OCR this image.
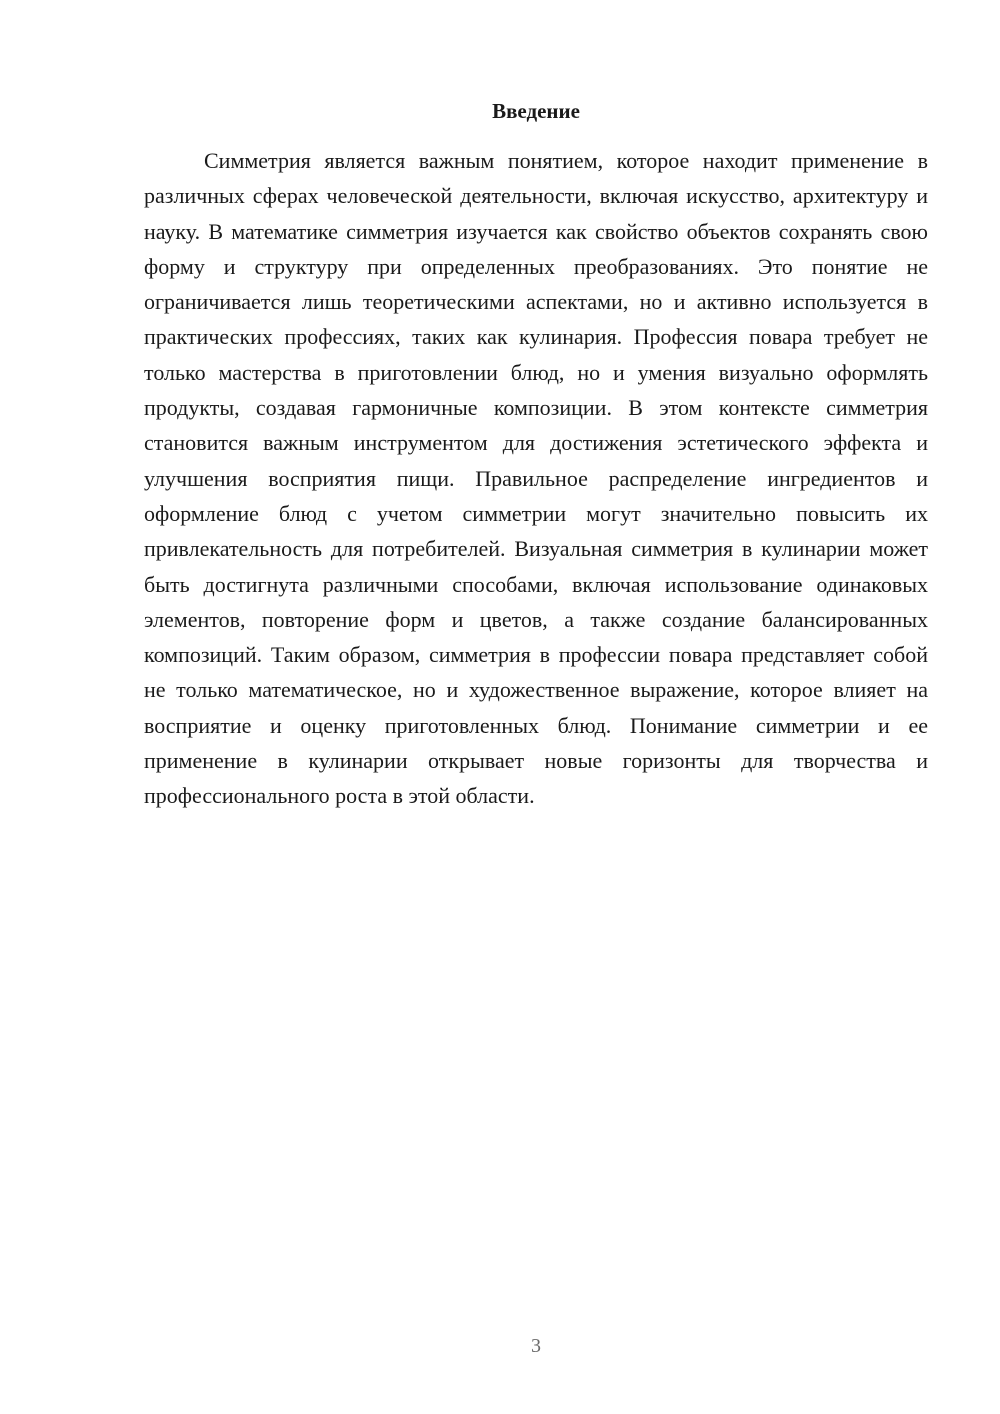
Введение

Симметрия является важным понятием, которое находит применение в различных сферах человеческой деятельности, включая искусство, архитектуру и науку. В математике симметрия изучается как свойство объектов сохранять свою форму и структуру при определенных преобразованиях. Это понятие не ограничивается лишь теоретическими аспектами, но и активно используется в практических профессиях, таких как кулинария. Профессия повара требует не только мастерства в приготовлении блюд, но и умения визуально оформлять продукты, создавая гармоничные композиции. В этом контексте симметрия становится важным инструментом для достижения эстетического эффекта и улучшения восприятия пищи. Правильное распределение ингредиентов и оформление блюд с учетом симметрии могут значительно повысить их привлекательность для потребителей. Визуальная симметрия в кулинарии может быть достигнута различными способами, включая использование одинаковых элементов, повторение форм и цветов, а также создание балансированных композиций. Таким образом, симметрия в профессии повара представляет собой не только математическое, но и художественное выражение, которое влияет на восприятие и оценку приготовленных блюд. Понимание симметрии и ее применение в кулинарии открывает новые горизонты для творчества и профессионального роста в этой области.

3
